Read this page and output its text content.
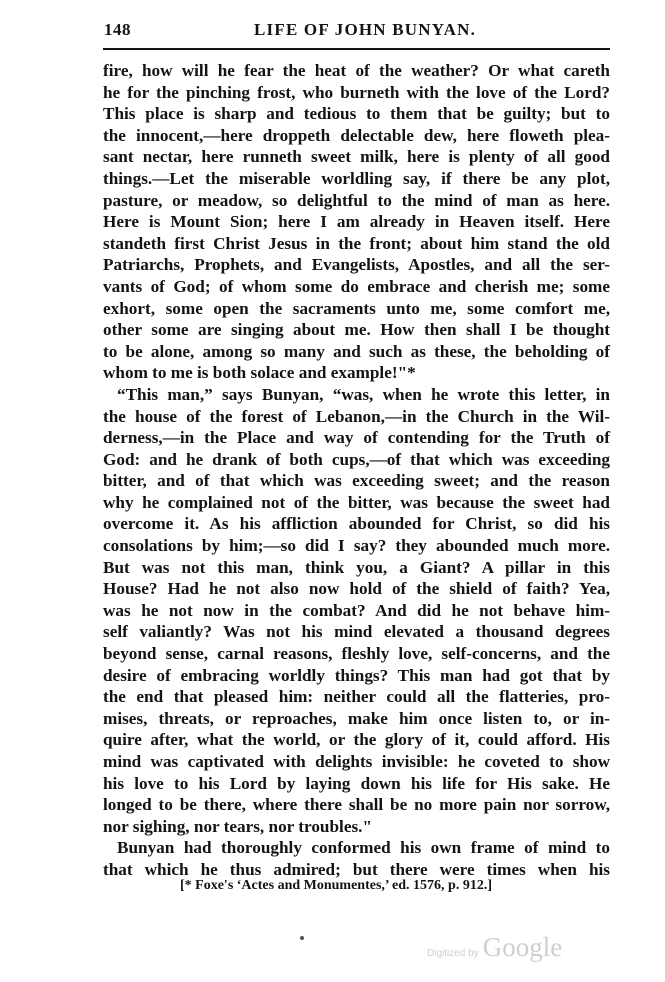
148	LIFE OF JOHN BUNYAN.
fire, how will he fear the heat of the weather? Or what careth
he for the pinching frost, who burneth with the love of the Lord?
This place is sharp and tedious to them that be guilty; but to
the innocent,—here droppeth delectable dew, here floweth plea-
sant nectar, here runneth sweet milk, here is plenty of all good
things.—Let the miserable worldling say, if there be any plot,
pasture, or meadow, so delightful to the mind of man as here.
Here is Mount Sion; here I am already in Heaven itself. Here
standeth first Christ Jesus in the front; about him stand the old
Patriarchs, Prophets, and Evangelists, Apostles, and all the ser-
vants of God; of whom some do embrace and cherish me; some
exhort, some open the sacraments unto me, some comfort me,
other some are singing about me. How then shall I be thought
to be alone, among so many and such as these, the beholding of
whom to me is both solace and example!"*
“This man,” says Bunyan, “was, when he wrote this letter, in
the house of the forest of Lebanon,—in the Church in the Wil-
derness,—in the Place and way of contending for the Truth of
God: and he drank of both cups,—of that which was exceeding
bitter, and of that which was exceeding sweet; and the reason
why he complained not of the bitter, was because the sweet had
overcome it. As his affliction abounded for Christ, so did his
consolations by him;—so did I say? they abounded much more.
But was not this man, think you, a Giant? A pillar in this
House? Had he not also now hold of the shield of faith? Yea,
was he not now in the combat? And did he not behave him-
self valiantly? Was not his mind elevated a thousand degrees
beyond sense, carnal reasons, fleshly love, self-concerns, and the
desire of embracing worldly things? This man had got that by
the end that pleased him: neither could all the flatteries, pro-
mises, threats, or reproaches, make him once listen to, or in-
quire after, what the world, or the glory of it, could afford. His
mind was captivated with delights invisible: he coveted to show
his love to his Lord by laying down his life for His sake. He
longed to be there, where there shall be no more pain nor sorrow,
nor sighing, nor tears, nor troubles."
Bunyan had thoroughly conformed his own frame of mind to
that which he thus admired; but there were times when his
[* Foxe's ‘Actes and Monumentes,’ ed. 1576, p. 912.]
Digitized by Google
